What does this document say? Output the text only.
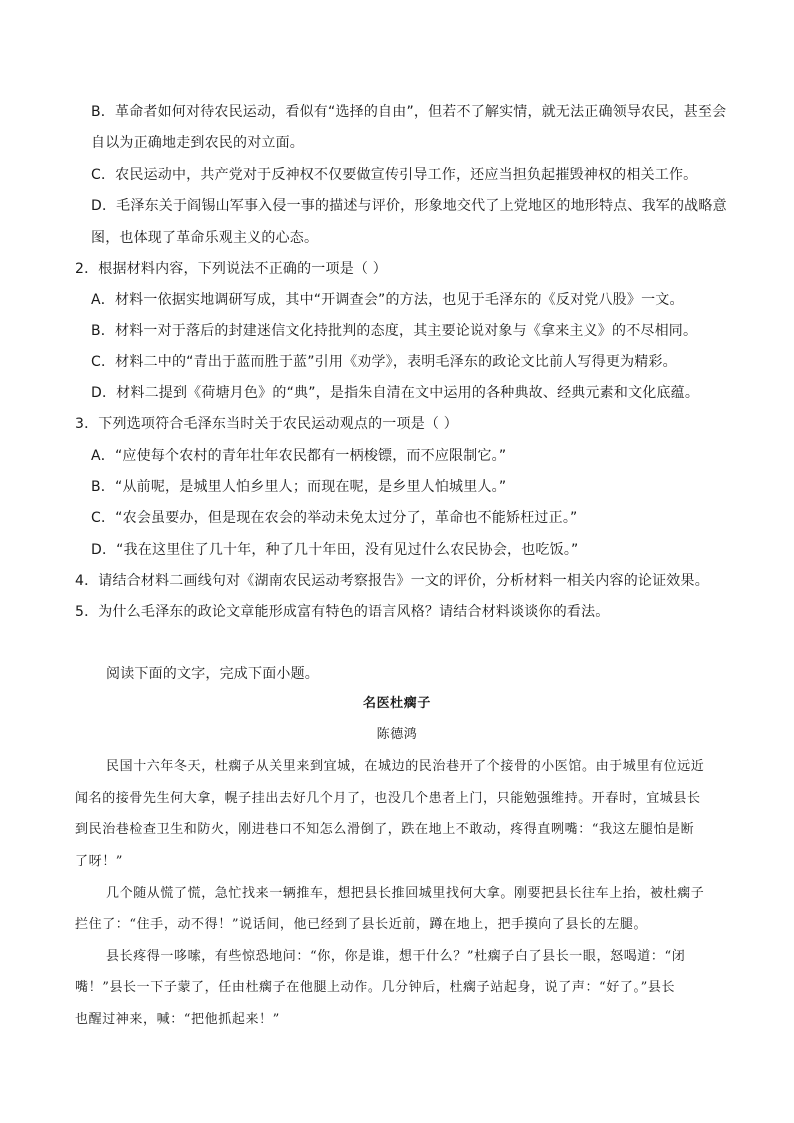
B．革命者如何对待农民运动，看似有“选择的自由”，但若不了解实情，就无法正确领导农民，甚至会
自以为正确地走到农民的对立面。
C．农民运动中，共产党对于反神权不仅要做宣传引导工作，还应当担负起摧毁神权的相关工作。
D．毛泽东关于阎锡山军事入侵一事的描述与评价，形象地交代了上党地区的地形特点、我军的战略意
图，也体现了革命乐观主义的心态。
2．根据材料内容，下列说法不正确的一项是（ ）
A．材料一依据实地调研写成，其中“开调查会”的方法，也见于毛泽东的《反对党八股》一文。
B．材料一对于落后的封建迷信文化持批判的态度，其主要论说对象与《拿来主义》的不尽相同。
C．材料二中的“青出于蓝而胜于蓝”引用《劝学》，表明毛泽东的政论文比前人写得更为精彩。
D．材料二提到《荷塘月色》的“典”，是指朱自清在文中运用的各种典故、经典元素和文化底蕴。
3．下列选项符合毛泽东当时关于农民运动观点的一项是（ ）
A．“应使每个农村的青年壮年农民都有一柄梭镖，而不应限制它。”
B．“从前呢，是城里人怕乡里人；而现在呢，是乡里人怕城里人。”
C．“农会虽要办，但是现在农会的举动未免太过分了，革命也不能矫枉过正。”
D．“我在这里住了几十年，种了几十年田，没有见过什么农民协会，也吃饭。”
4．请结合材料二画线句对《湖南农民运动考察报告》一文的评价，分析材料一相关内容的论证效果。
5．为什么毛泽东的政论文章能形成富有特色的语言风格？请结合材料谈谈你的看法。
阅读下面的文字，完成下面小题。
名医杜瘸子
陈德鸿
民国十六年冬天，杜瘸子从关里来到宜城，在城边的民治巷开了个接骨的小医馆。由于城里有位远近
闻名的接骨先生何大拿，幌子挂出去好几个月了，也没几个患者上门，只能勉强维持。开春时，宜城县长
到民治巷检查卫生和防火，刚进巷口不知怎么滑倒了，跌在地上不敢动，疼得直咧嘴：“我这左腿怕是断
了呀！”
几个随从慌了慌，急忙找来一辆推车，想把县长推回城里找何大拿。刚要把县长往车上抬，被杜瘸子
拦住了：“住手，动不得！”说话间，他已经到了县长近前，蹲在地上，把手摸向了县长的左腿。
县长疼得一哆嗦，有些惊恐地问：“你，你是谁，想干什么？”杜瘸子白了县长一眼，怒喝道：“闭
嘴！”县长一下子蒙了，任由杜瘸子在他腿上动作。几分钟后，杜瘸子站起身，说了声：“好了。”县长
也醒过神来，喊：“把他抓起来！”
